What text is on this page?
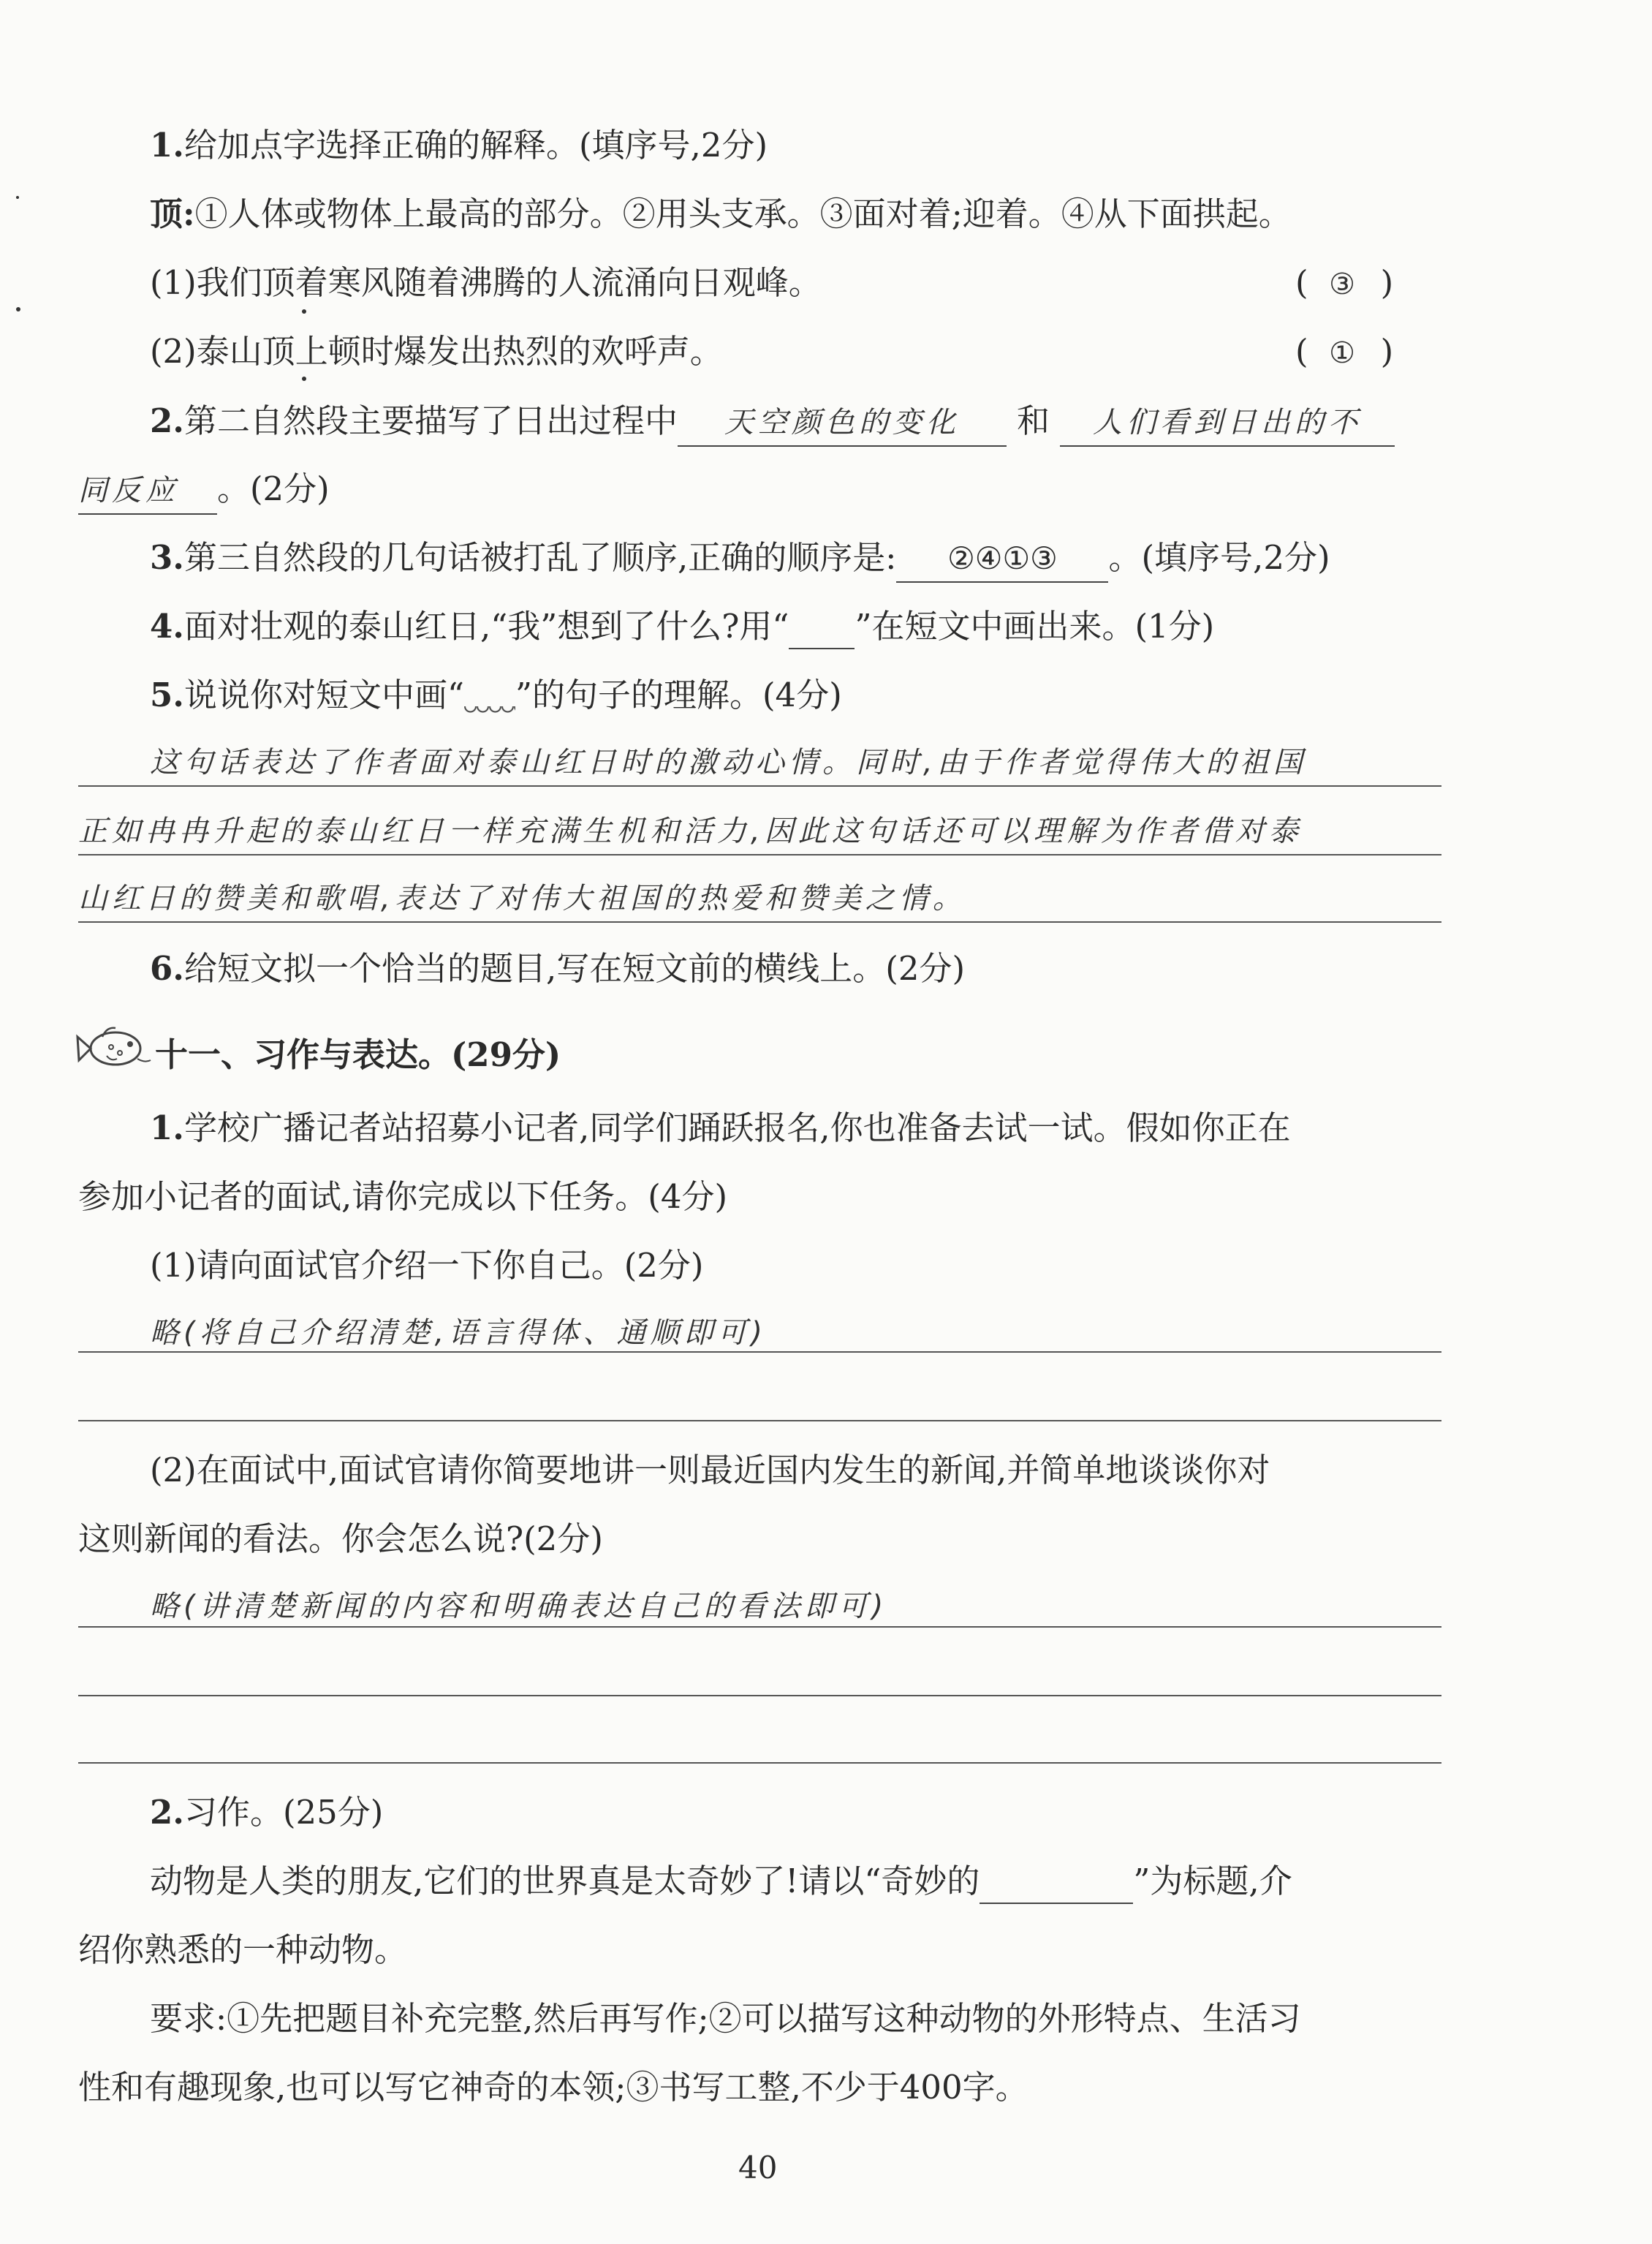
1.给加点字选择正确的解释。(填序号,2分)
顶:①人体或物体上最高的部分。②用头支承。③面对着;迎着。④从下面拱起。
(1)我们顶着寒风随着沸腾的人流涌向日观峰。	(  ③  )
(2)泰山顶上顿时爆发出热烈的欢呼声。	(  ①  )
2.第二自然段主要描写了日出过程中 天空颜色的变化 和 人们看到日出的不
同反应 。(2分)
3.第三自然段的几句话被打乱了顺序,正确的顺序是: ②④①③ 。(填序号,2分)
4.面对壮观的泰山红日,“我”想到了什么?用“ ”在短文中画出来。(1分)
5.说说你对短文中画“ ”的句子的理解。(4分)
这句话表达了作者面对泰山红日时的激动心情。同时,由于作者觉得伟大的祖国
正如冉冉升起的泰山红日一样充满生机和活力,因此这句话还可以理解为作者借对泰
山红日的赞美和歌唱,表达了对伟大祖国的热爱和赞美之情。
6.给短文拟一个恰当的题目,写在短文前的横线上。(2分)
十一、习作与表达。(29分)
1.学校广播记者站招募小记者,同学们踊跃报名,你也准备去试一试。假如你正在
参加小记者的面试,请你完成以下任务。(4分)
(1)请向面试官介绍一下你自己。(2分)
略(将自己介绍清楚,语言得体、通顺即可)
(2)在面试中,面试官请你简要地讲一则最近国内发生的新闻,并简单地谈谈你对
这则新闻的看法。你会怎么说?(2分)
略(讲清楚新闻的内容和明确表达自己的看法即可)
2.习作。(25分)
动物是人类的朋友,它们的世界真是太奇妙了!请以“奇妙的	”为标题,介
绍你熟悉的一种动物。
要求:①先把题目补充完整,然后再写作;②可以描写这种动物的外形特点、生活习
性和有趣现象,也可以写它神奇的本领;③书写工整,不少于400字。
40
